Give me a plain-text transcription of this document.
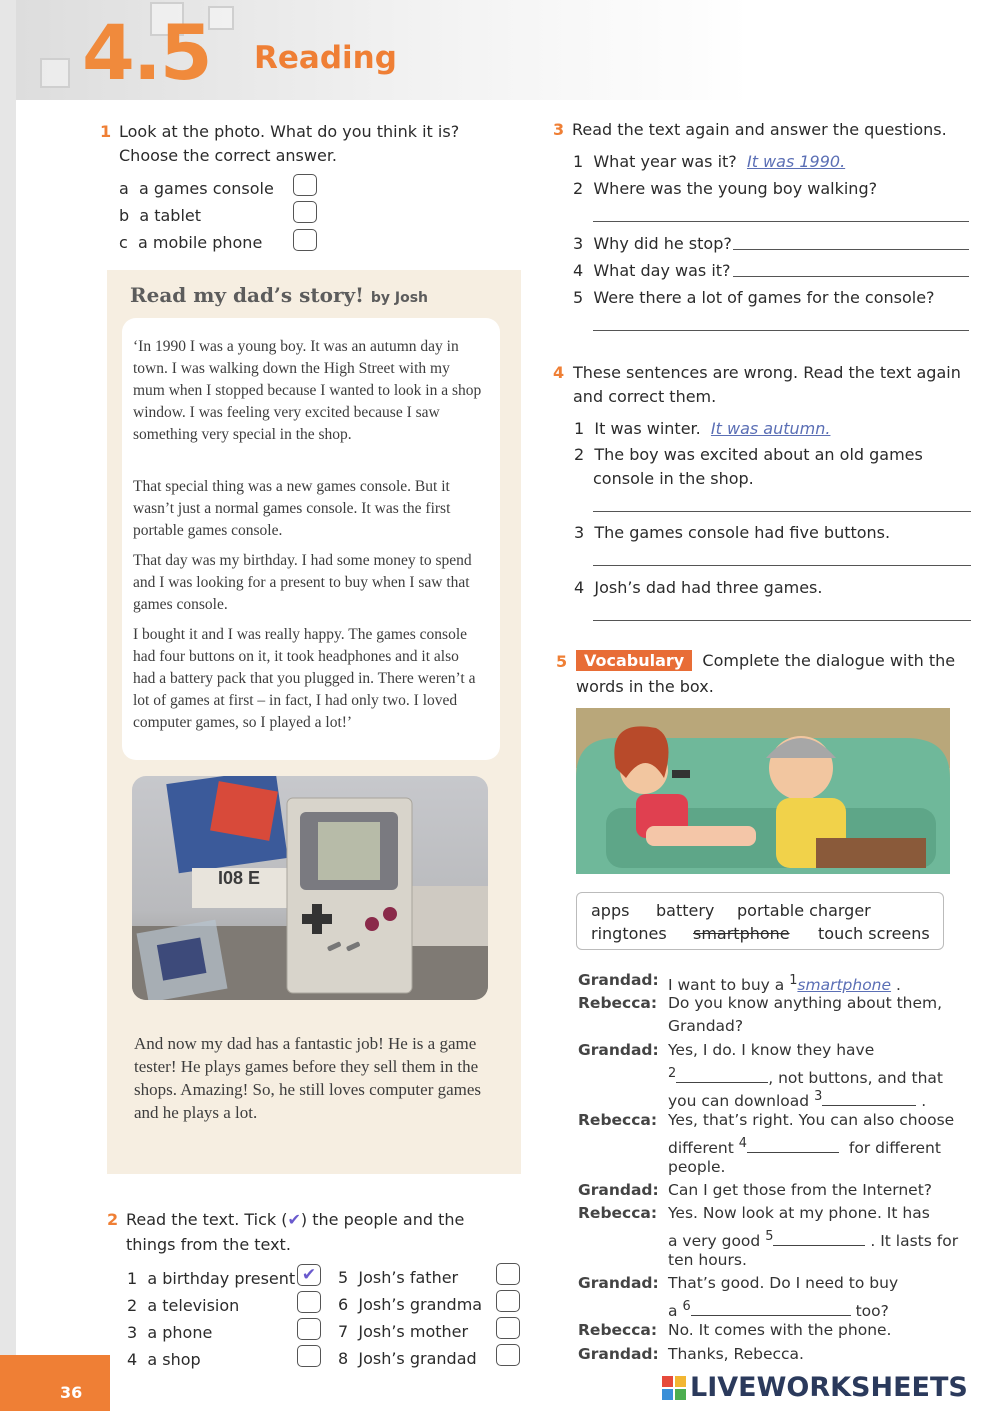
4.5 Reading
1 Look at the photo. What do you think it is?
Choose the correct answer.
a a games console
b a tablet
c a mobile phone
Read my dad’s story! by Josh
‘In 1990 I was a young boy. It was an autumn day in town. I was walking down the High Street with my mum when I stopped because I wanted to look in a shop window. I was feeling very excited because I saw something very special in the shop.
That special thing was a new games console. But it wasn’t just a normal games console. It was the first portable games console.
That day was my birthday. I had some money to spend and I was looking for a present to buy when I saw that games console.
I bought it and I was really happy. The games console had four buttons on it, it took headphones and it also had a battery pack that you plugged in. There weren’t a lot of games at first – in fact, I had only two. I loved computer games, so I played a lot!’
I08 E
And now my dad has a fantastic job! He is a game tester! He plays games before they sell them in the shops. Amazing! So, he still loves computer games and he plays a lot.
2 Read the text. Tick (✔) the people and the
things from the text.
1 a birthday present ✔
2 a television
3 a phone
4 a shop
5 Josh’s father
6 Josh’s grandma
7 Josh’s mother
8 Josh’s grandad
3 Read the text again and answer the questions.
1 What year was it? It was 1990.
2 Where was the young boy walking?
3 Why did he stop?
4 What day was it?
5 Were there a lot of games for the console?
4 These sentences are wrong. Read the text again
and correct them.
1 It was winter. It was autumn.
2 The boy was excited about an old games
console in the shop.
3 The games console had five buttons.
4 Josh’s dad had three games.
5	Vocabulary Complete the dialogue with the
words in the box.
apps battery portable charger
ringtones smartphone touch screens
Grandad: I want to buy a $^1$smartphone .
Rebecca: Do you know anything about them,
Grandad?
Grandad: Yes, I do. I know they have
$^2$	, not buttons, and that
you can download $^3$	.
Rebecca: Yes, that’s right. You can also choose
different $^4$	for different
people.
Grandad: Can I get those from the Internet?
Rebecca: Yes. Now look at my phone. It has
a very good $^5$	. It lasts for
ten hours.
Grandad: That’s good. Do I need to buy
a $^6$	too?
Rebecca: No. It comes with the phone.
Grandad: Thanks, Rebecca.
36	LIVEWORKSHEETS
